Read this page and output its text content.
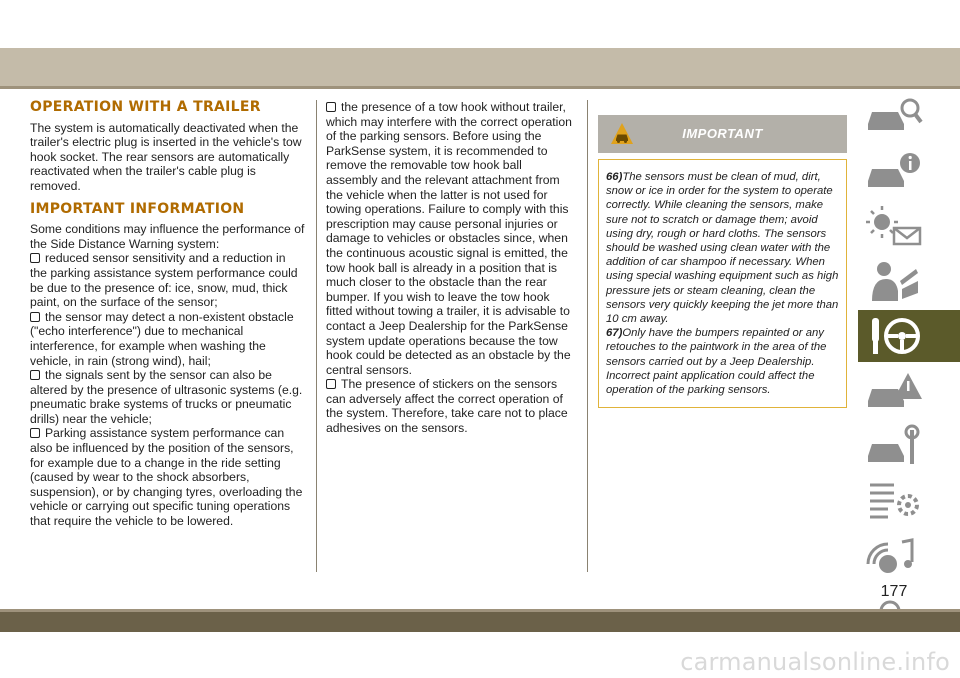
OPERATION WITH A TRAILER

The system is automatically deactivated when the trailer's electric plug is inserted in the vehicle's tow hook socket. The rear sensors are automatically reactivated when the trailer's cable plug is removed.

IMPORTANT INFORMATION

Some conditions may influence the performance of the Side Distance Warning system:

reduced sensor sensitivity and a reduction in the parking assistance system performance could be due to the presence of: ice, snow, mud, thick paint, on the surface of the sensor;

the sensor may detect a non-existent obstacle ("echo interference") due to mechanical interference, for example when washing the vehicle, in rain (strong wind), hail;

the signals sent by the sensor can also be altered by the presence of ultrasonic systems (e.g. pneumatic brake systems of trucks or pneumatic drills) near the vehicle;

Parking assistance system performance can also be influenced by the position of the sensors, for example due to a change in the ride setting (caused by wear to the shock absorbers, suspension), or by changing tyres, overloading the vehicle or carrying out specific tuning operations that require the vehicle to be lowered.

the presence of a tow hook without trailer, which may interfere with the correct operation of the parking sensors. Before using the ParkSense system, it is recommended to remove the removable tow hook ball assembly and the relevant attachment from the vehicle when the latter is not used for towing operations. Failure to comply with this prescription may cause personal injuries or damage to vehicles or obstacles since, when the continuous acoustic signal is emitted, the tow hook ball is already in a position that is much closer to the obstacle than the rear bumper. If you wish to leave the tow hook fitted without towing a trailer, it is advisable to contact a Jeep Dealership for the ParkSense system update operations because the tow hook could be detected as an obstacle by the central sensors.

The presence of stickers on the sensors can adversely affect the correct operation of the system. Therefore, take care not to place adhesives on the sensors.

IMPORTANT

66)The sensors must be clean of mud, dirt, snow or ice in order for the system to operate correctly. While cleaning the sensors, make sure not to scratch or damage them; avoid using dry, rough or hard cloths. The sensors should be washed using clean water with the addition of car shampoo if necessary. When using special washing equipment such as high pressure jets or steam cleaning, clean the sensors very quickly keeping the jet more than 10 cm away.

67)Only have the bumpers repainted or any retouches to the paintwork in the area of the sensors carried out by a Jeep Dealership. Incorrect paint application could affect the operation of the parking sensors.

177
carmanualsonline.info
